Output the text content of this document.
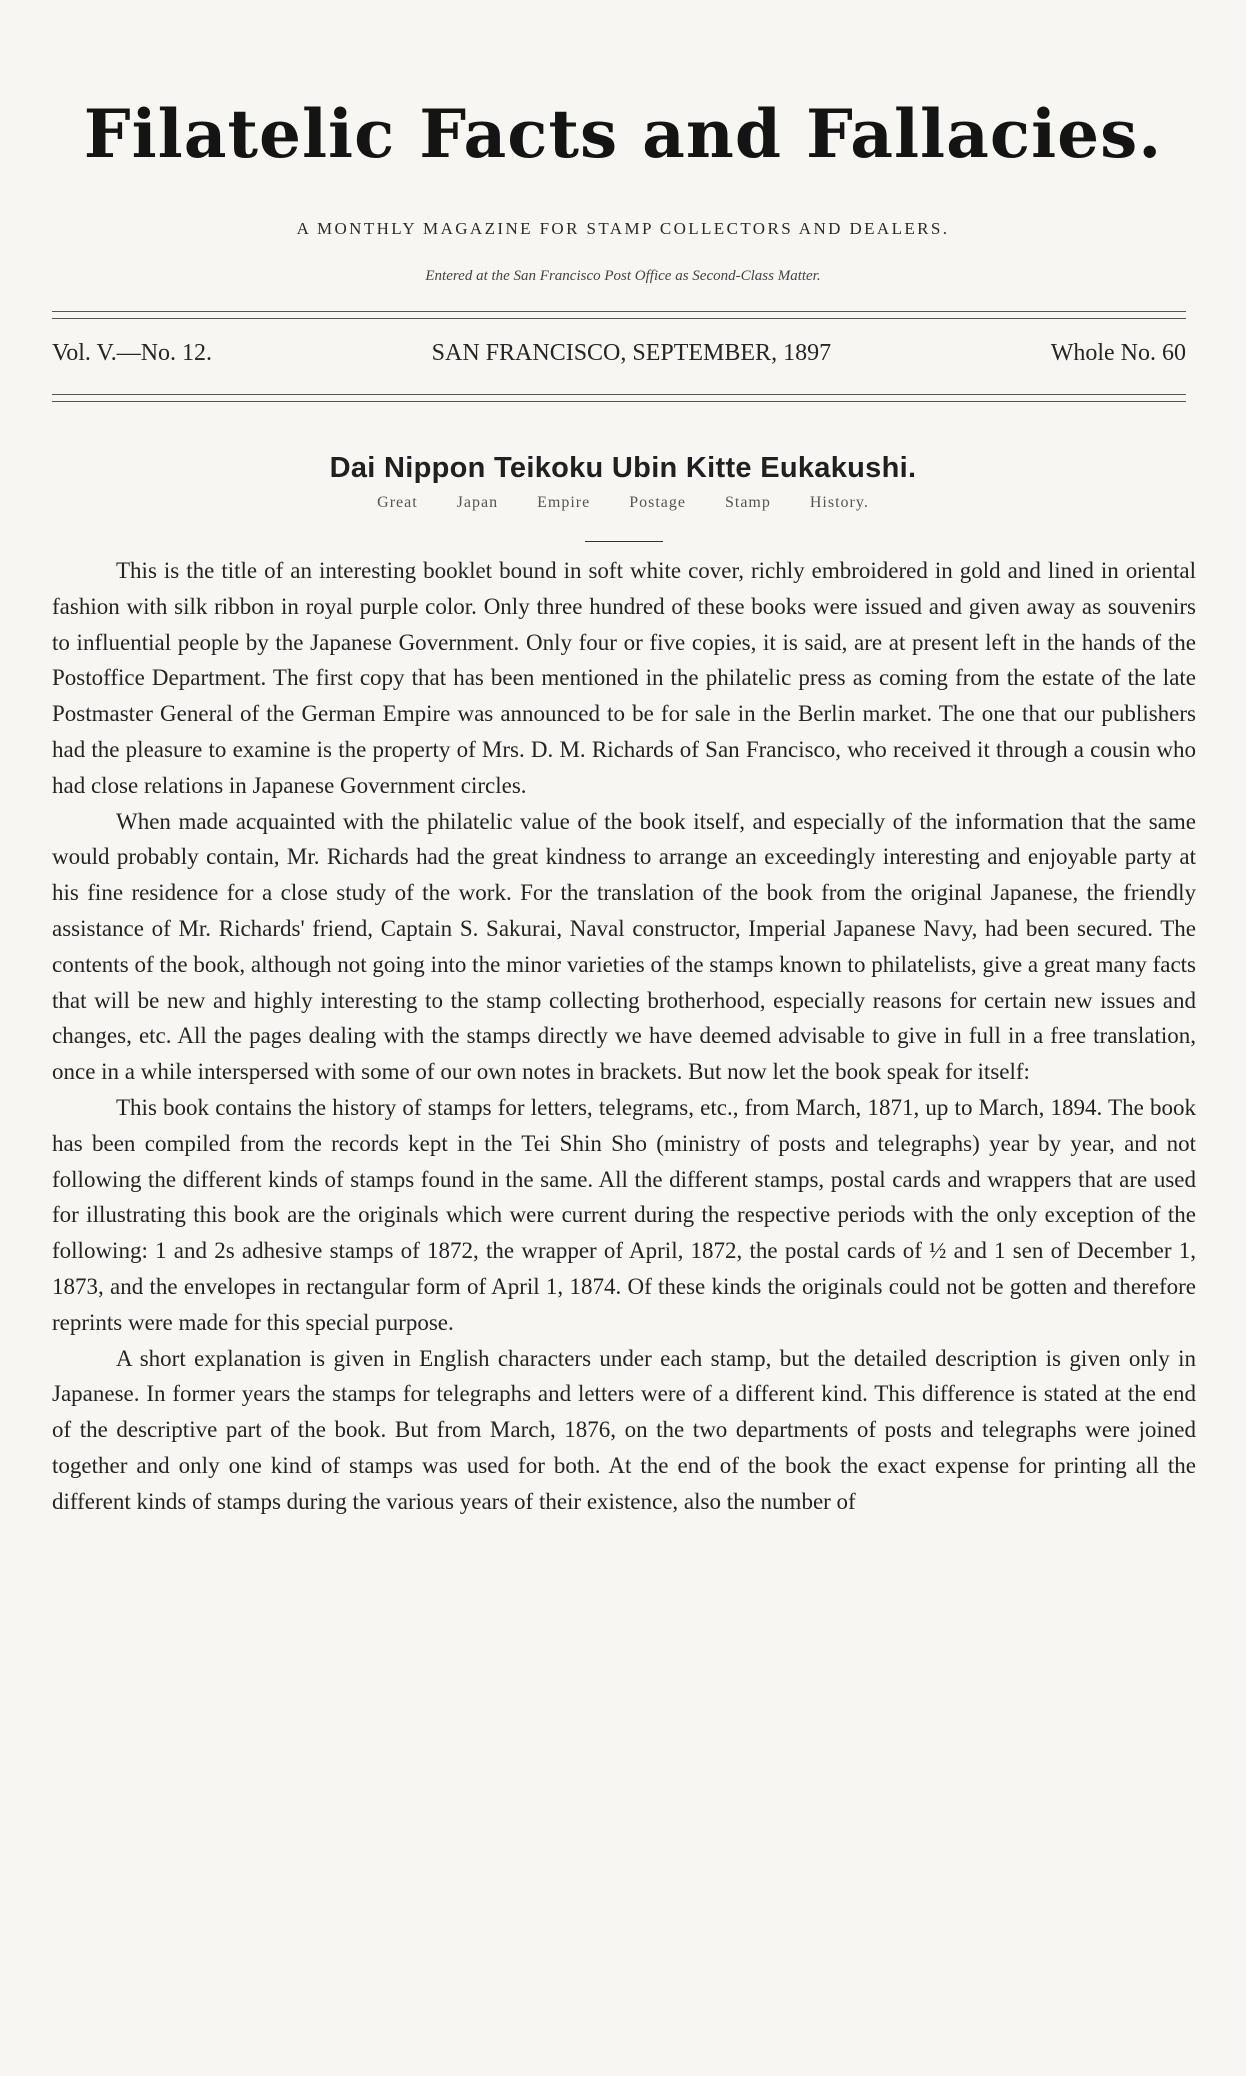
Filatelic Facts and Fallacies.
A MONTHLY MAGAZINE FOR STAMP COLLECTORS AND DEALERS.
Entered at the San Francisco Post Office as Second-Class Matter.
Vol. V.—No. 12.	SAN FRANCISCO, SEPTEMBER, 1897	Whole No. 60
Dai Nippon Teikoku Ubin Kitte Eukakushi.
Great Japan Empire Postage Stamp History.

This is the title of an interesting booklet bound in soft white cover, richly embroidered in gold and lined in oriental fashion with silk ribbon in royal purple color. Only three hundred of these books were issued and given away as souvenirs to influential people by the Japanese Government. Only four or five copies, it is said, are at present left in the hands of the Postoffice Department. The first copy that has been mentioned in the philatelic press as coming from the estate of the late Postmaster General of the German Empire was announced to be for sale in the Berlin market. The one that our publishers had the pleasure to examine is the property of Mrs. D. M. Richards of San Francisco, who received it through a cousin who had close relations in Japanese Government circles.

When made acquainted with the philatelic value of the book itself, and especially of the information that the same would probably contain, Mr. Richards had the great kindness to arrange an exceedingly interesting and enjoyable party at his fine residence for a close study of the work. For the translation of the book from the original Japanese, the friendly assistance of Mr. Richards' friend, Captain S. Sakurai, Naval constructor, Imperial Japanese Navy, had been secured. The contents of the book, although not going into the minor varieties of the stamps known to philatelists, give a great many facts that will be new and highly interesting to the stamp collecting brotherhood, especially reasons for certain new issues and changes, etc. All the pages dealing with the stamps directly we have deemed advisable to give in full in a free translation, once in a while interspersed with some of our own notes in brackets. But now let the book speak for itself:

This book contains the history of stamps for letters, telegrams, etc., from March, 1871, up to March, 1894. The book has been compiled from the records kept in the Tei Shin Sho (ministry of posts and telegraphs) year by year, and not following the different kinds of stamps found in the same. All the different stamps, postal cards and wrappers that are used for illustrating this book are the originals which were current during the respective periods with the only exception of the following: 1 and 2s adhesive stamps of 1872, the wrapper of April, 1872, the postal cards of ½ and 1 sen of December 1, 1873, and the envelopes in rectangular form of April 1, 1874. Of these kinds the originals could not be gotten and therefore reprints were made for this special purpose.

A short explanation is given in English characters under each stamp, but the detailed description is given only in Japanese. In former years the stamps for telegraphs and letters were of a different kind. This difference is stated at the end of the descriptive part of the book. But from March, 1876, on the two departments of posts and telegraphs were joined together and only one kind of stamps was used for both. At the end of the book the exact expense for printing all the different kinds of stamps during the various years of their existence, also the number of
